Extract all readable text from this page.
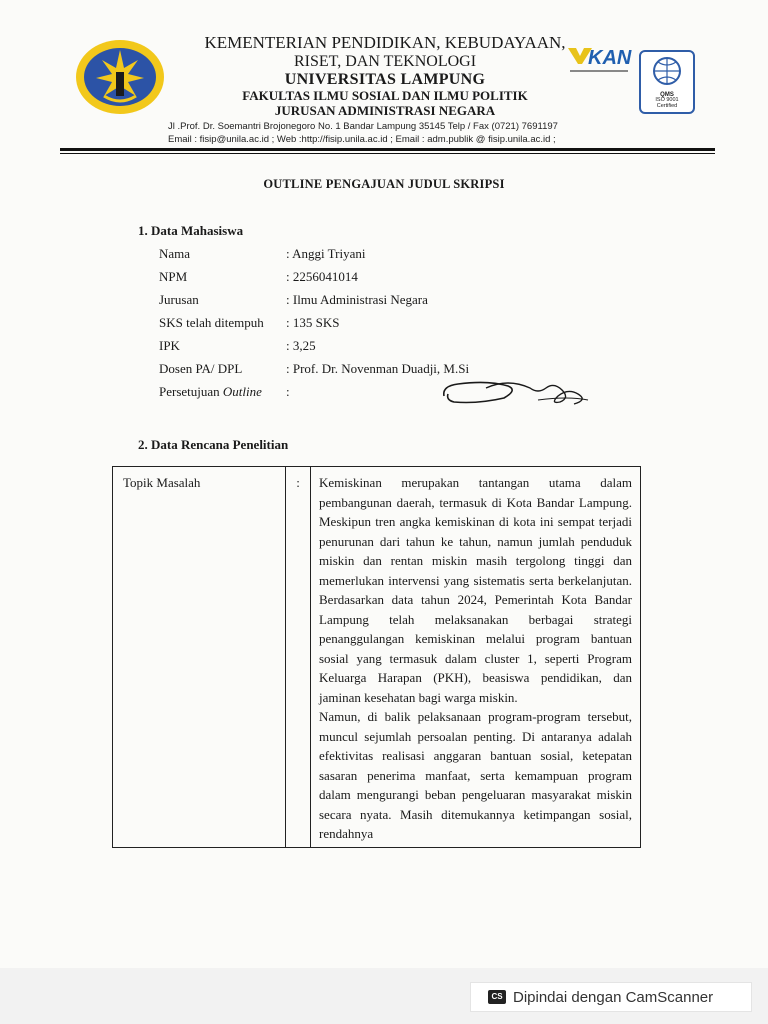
KEMENTERIAN PENDIDIKAN, KEBUDAYAAN,
RISET, DAN TEKNOLOGI
UNIVERSITAS LAMPUNG
FAKULTAS ILMU SOSIAL DAN ILMU POLITIK
JURUSAN ADMINISTRASI NEGARA
Jl .Prof. Dr. Soemantri Brojonegoro No. 1 Bandar Lampung 35145 Telp / Fax (0721) 7691197
Email : fisip@unila.ac.id ; Web :http://fisip.unila.ac.id ; Email : adm.publik @ fisip.unila.ac.id ;
KAN
QMS
ISO 9001
Certified
OUTLINE PENGAJUAN JUDUL SKRIPSI
1. Data Mahasiswa
Nama	: Anggi Triyani
NPM	: 2256041014
Jurusan	: Ilmu Administrasi Negara
SKS telah ditempuh : 135 SKS
IPK	: 3,25
Dosen PA/ DPL	: Prof. Dr. Novenman Duadji, M.Si
Persetujuan Outline :
2. Data Rencana Penelitian
Topik Masalah	:	Kemiskinan merupakan tantangan utama dalam pembangunan daerah, termasuk di Kota Bandar Lampung. Meskipun tren angka kemiskinan di kota ini sempat terjadi penurunan dari tahun ke tahun, namun jumlah penduduk miskin dan rentan miskin masih tergolong tinggi dan memerlukan intervensi yang sistematis serta berkelanjutan. Berdasarkan data tahun 2024, Pemerintah Kota Bandar Lampung telah melaksanakan berbagai strategi penanggulangan kemiskinan melalui program bantuan sosial yang termasuk dalam cluster 1, seperti Program Keluarga Harapan (PKH), beasiswa pendidikan, dan jaminan kesehatan bagi warga miskin.
Namun, di balik pelaksanaan program-program tersebut, muncul sejumlah persoalan penting. Di antaranya adalah efektivitas realisasi anggaran bantuan sosial, ketepatan sasaran penerima manfaat, serta kemampuan program dalam mengurangi beban pengeluaran masyarakat miskin secara nyata. Masih ditemukannya ketimpangan sosial, rendahnya
CS Dipindai dengan CamScanner
